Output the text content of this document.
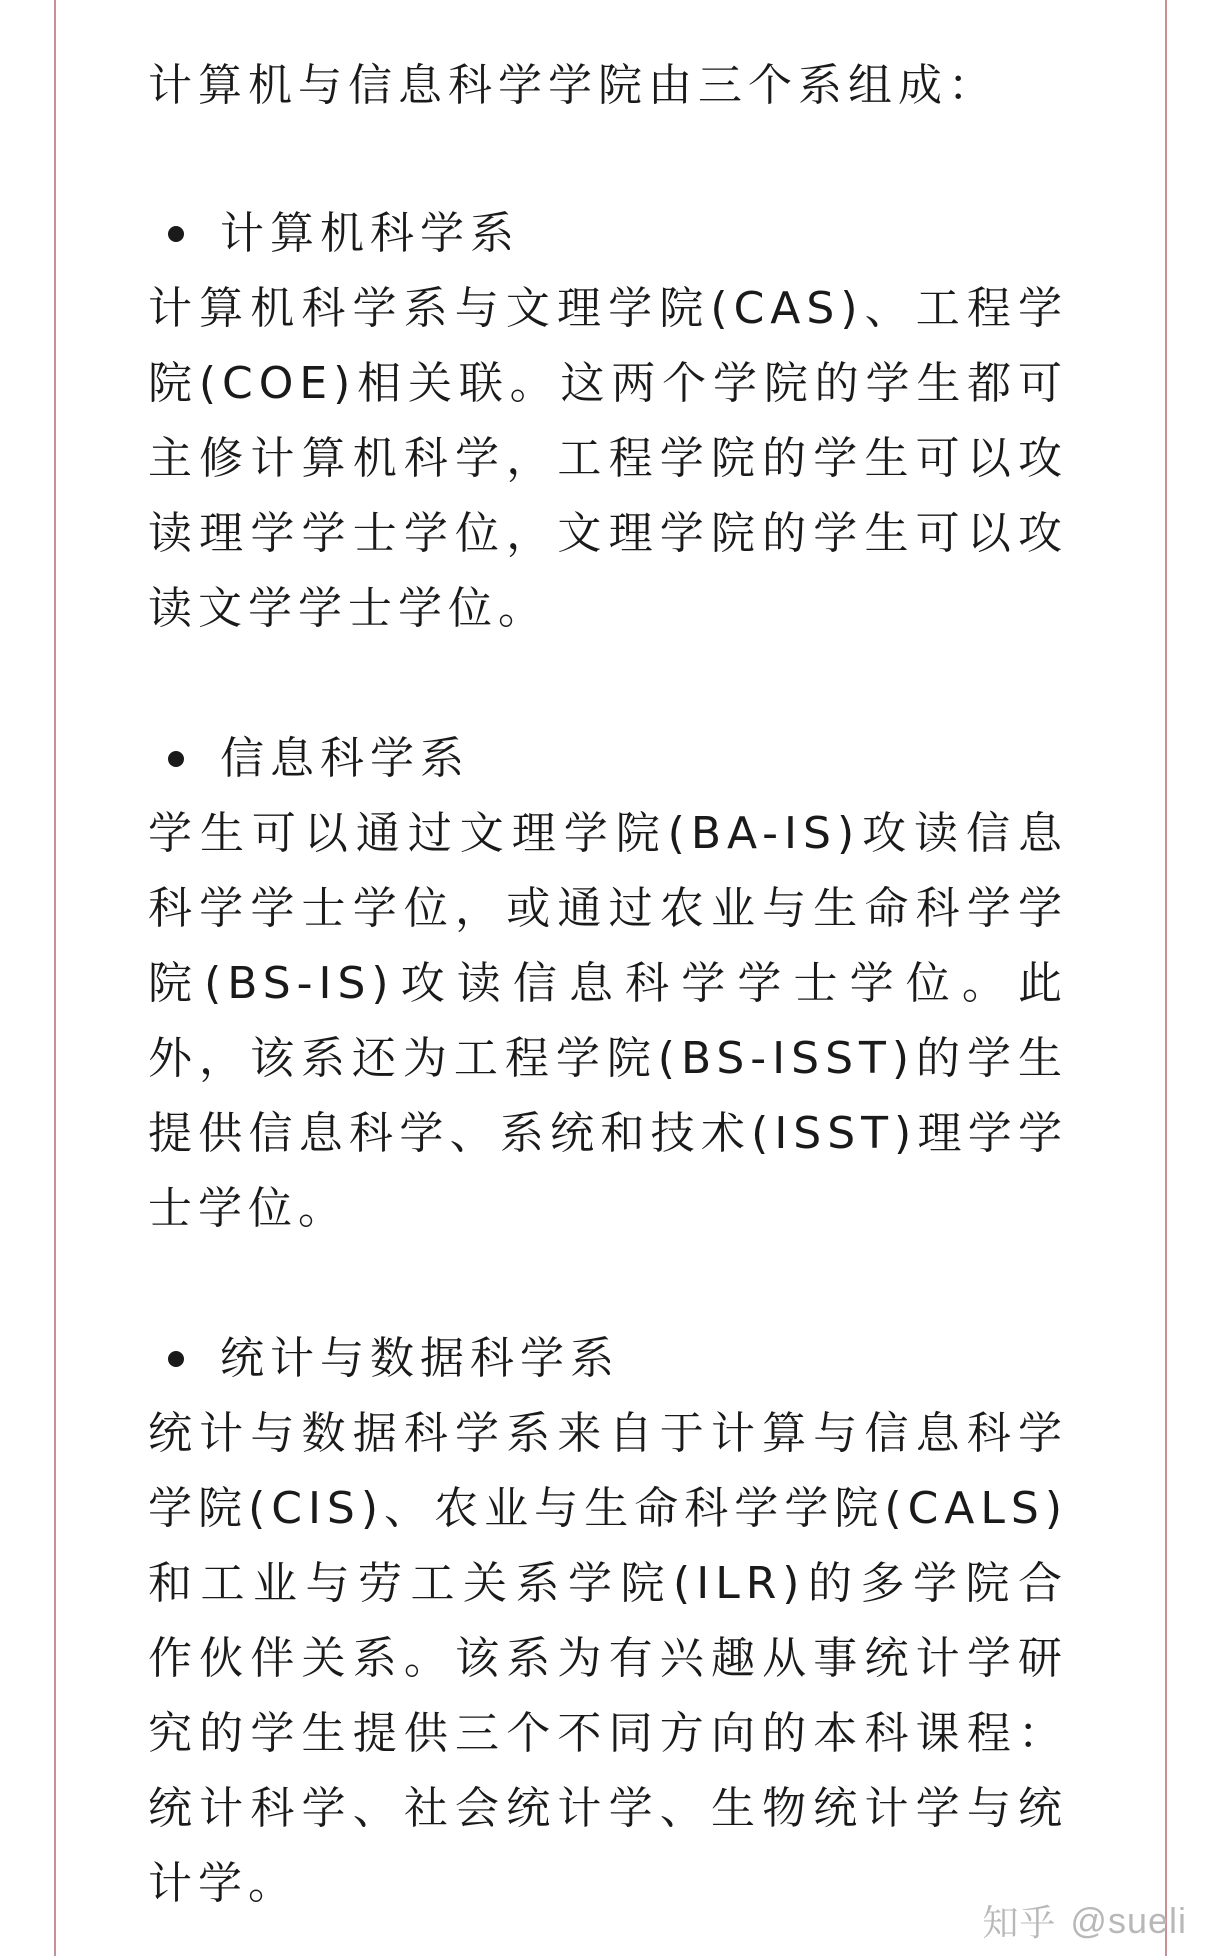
计算机与信息科学学院由三个系组成：

计算机科学系

计算机科学系与文理学院(CAS)、工程学院(COE)相关联。这两个学院的学生都可主修计算机科学，工程学院的学生可以攻读理学学士学位，文理学院的学生可以攻读文学学士学位。

信息科学系

学生可以通过文理学院(BA-IS)攻读信息科学学士学位，或通过农业与生命科学学院(BS-IS)攻读信息科学学士学位。此外，该系还为工程学院(BS-ISST)的学生提供信息科学、系统和技术(ISST)理学学士学位。

统计与数据科学系

统计与数据科学系来自于计算与信息科学学院(CIS)、农业与生命科学学院(CALS)和工业与劳工关系学院(ILR)的多学院合作伙伴关系。该系为有兴趣从事统计学研究的学生提供三个不同方向的本科课程：统计科学、社会统计学、生物统计学与统计学。

知乎 @sueli
